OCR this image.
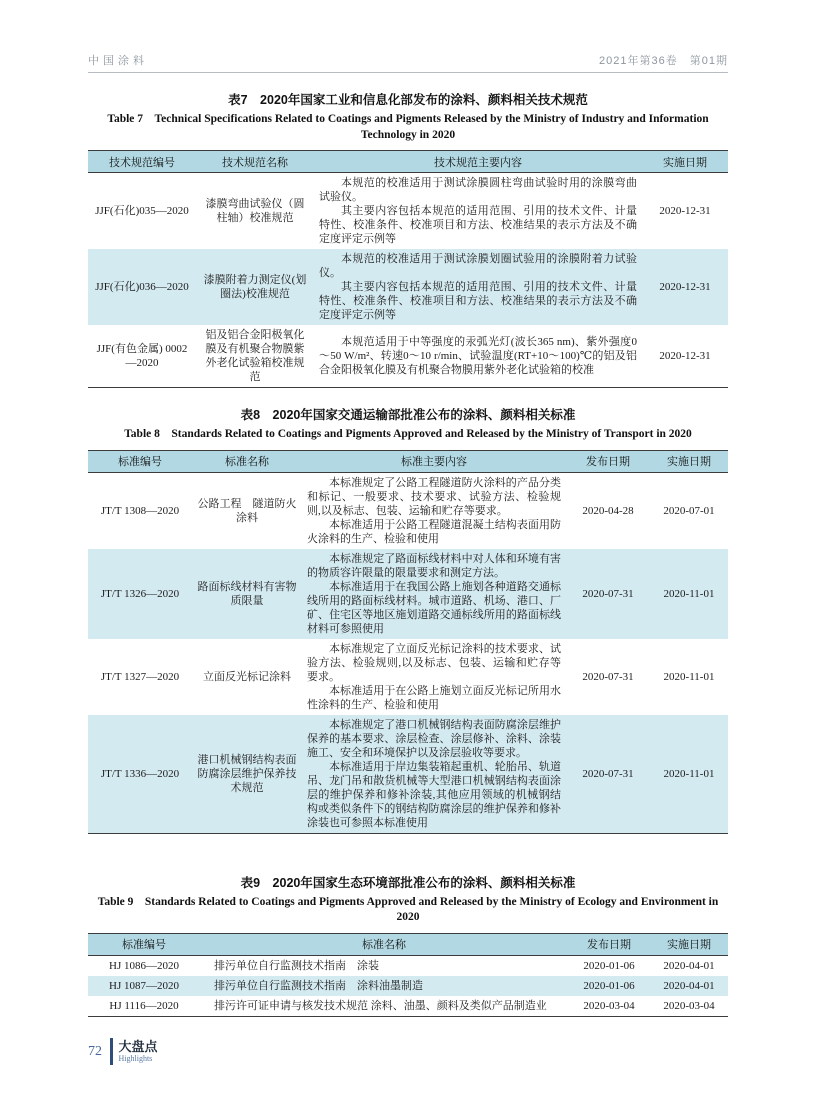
中国涂料	2021年第36卷　第01期
表7　2020年国家工业和信息化部发布的涂料、颜料相关技术规范
Table 7　Technical Specifications Related to Coatings and Pigments Released by the Ministry of Industry and Information Technology in 2020
技术规范编号	技术规范名称	技术规范主要内容	实施日期
JJF(石化)035—2020	漆膜弯曲试验仪（圆柱轴）校准规范	本规范的校准适用于测试涂膜圆柱弯曲试验时用的涂膜弯曲试验仪。

其主要内容包括本规范的适用范围、引用的技术文件、计量特性、校准条件、校准项目和方法、校准结果的表示方法及不确定度评定示例等	2020-12-31
JJF(石化)036—2020	漆膜附着力测定仪(划圈法)校准规范	本规范的校准适用于测试涂膜划圈试验用的涂膜附着力试验仪。

其主要内容包括本规范的适用范围、引用的技术文件、计量特性、校准条件、校准项目和方法、校准结果的表示方法及不确定度评定示例等	2020-12-31
JJF(有色金属) 0002—2020	铝及铝合金阳极氧化膜及有机聚合物膜紫外老化试验箱校准规范	本规范适用于中等强度的汞弧光灯(波长365 nm)、紫外强度0～50 W/m²、转速0～10 r/min、试验温度(RT+10～100)℃的铝及铝合金阳极氧化膜及有机聚合物膜用紫外老化试验箱的校准	2020-12-31
表8　2020年国家交通运输部批准公布的涂料、颜料相关标准
Table 8　Standards Related to Coatings and Pigments Approved and Released by the Ministry of Transport in 2020
标准编号	标准名称	标准主要内容	发布日期	实施日期
JT/T 1308—2020	公路工程　隧道防火涂料	本标准规定了公路工程隧道防火涂料的产品分类和标记、一般要求、技术要求、试验方法、检验规则,以及标志、包装、运输和贮存等要求。

本标准适用于公路工程隧道混凝土结构表面用防火涂料的生产、检验和使用	2020-04-28	2020-07-01
JT/T 1326—2020	路面标线材料有害物质限量	本标准规定了路面标线材料中对人体和环境有害的物质容许限量的限量要求和测定方法。

本标准适用于在我国公路上施划各种道路交通标线所用的路面标线材料。城市道路、机场、港口、厂矿、住宅区等地区施划道路交通标线所用的路面标线材料可参照使用	2020-07-31	2020-11-01
JT/T 1327—2020	立面反光标记涂料	本标准规定了立面反光标记涂料的技术要求、试验方法、检验规则,以及标志、包装、运输和贮存等要求。

本标准适用于在公路上施划立面反光标记所用水性涂料的生产、检验和使用	2020-07-31	2020-11-01
JT/T 1336—2020	港口机械钢结构表面防腐涂层维护保养技术规范	本标准规定了港口机械钢结构表面防腐涂层维护保养的基本要求、涂层检查、涂层修补、涂料、涂装施工、安全和环境保护以及涂层验收等要求。

本标准适用于岸边集装箱起重机、轮胎吊、轨道吊、龙门吊和散货机械等大型港口机械钢结构表面涂层的维护保养和修补涂装,其他应用领域的机械钢结构或类似条件下的钢结构防腐涂层的维护保养和修补涂装也可参照本标准使用	2020-07-31	2020-11-01
表9　2020年国家生态环境部批准公布的涂料、颜料相关标准
Table 9　Standards Related to Coatings and Pigments Approved and Released by the Ministry of Ecology and Environment in 2020
标准编号	标准名称	发布日期	实施日期
HJ 1086—2020	排污单位自行监测技术指南　涂装	2020-01-06	2020-04-01
HJ 1087—2020	排污单位自行监测技术指南　涂料油墨制造	2020-01-06	2020-04-01
HJ 1116—2020	排污许可证申请与核发技术规范 涂料、油墨、颜料及类似产品制造业	2020-03-04	2020-03-04
72 大盘点
Highlights
